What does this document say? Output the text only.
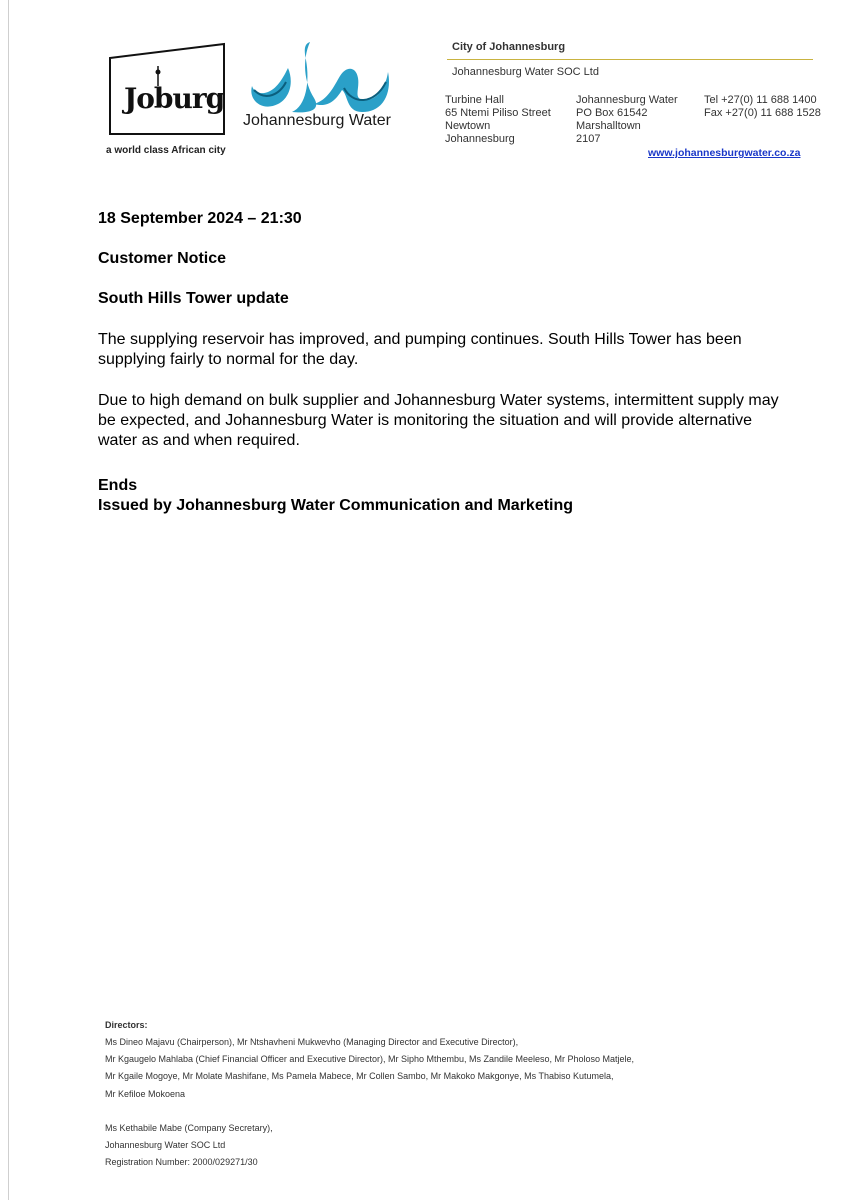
Joburg
a world class African city
Johannesburg Water
City of Johannesburg
Johannesburg Water SOC Ltd
Turbine Hall
65 Ntemi Piliso Street
Newtown
Johannesburg
Johannesburg Water
PO Box 61542
Marshalltown
2107
Tel +27(0) 11 688 1400
Fax +27(0) 11 688 1528
www.johannesburgwater.co.za
18 September 2024 – 21:30
Customer Notice
South Hills Tower update
The supplying reservoir has improved, and pumping continues. South Hills Tower has been
supplying fairly to normal for the day.
Due to high demand on bulk supplier and Johannesburg Water systems, intermittent supply may
be expected, and Johannesburg Water is monitoring the situation and will provide alternative
water as and when required.
Ends
Issued by Johannesburg Water Communication and Marketing
Directors:
Ms Dineo Majavu (Chairperson), Mr Ntshavheni Mukwevho (Managing Director and Executive Director),
Mr Kgaugelo Mahlaba (Chief Financial Officer and Executive Director), Mr Sipho Mthembu, Ms Zandile Meeleso, Mr Pholoso Matjele,
Mr Kgaile Mogoye, Mr Molate Mashifane, Ms Pamela Mabece, Mr Collen Sambo, Mr Makoko Makgonye, Ms Thabiso Kutumela,
Mr Kefiloe Mokoena
Ms Kethabile Mabe (Company Secretary),
Johannesburg Water SOC Ltd
Registration Number: 2000/029271/30
